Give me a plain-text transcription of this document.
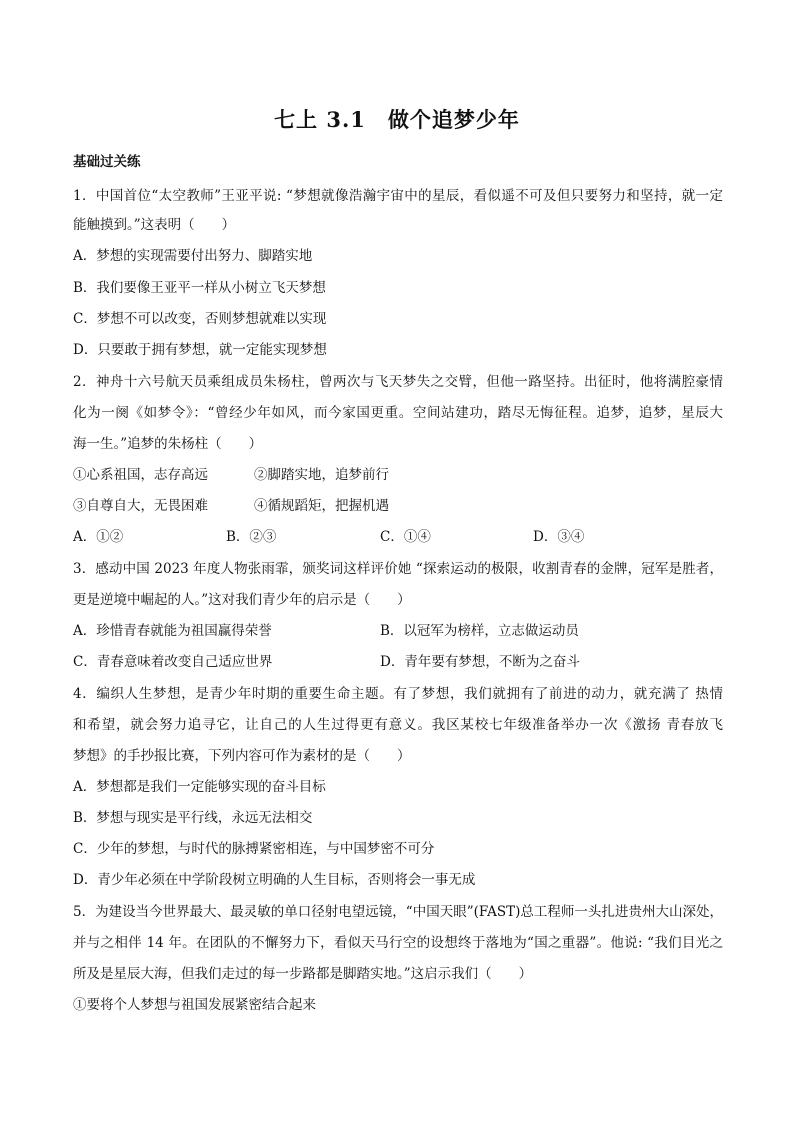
七上 3.1　做个追梦少年
基础过关练
1．中国首位“太空教师”王亚平说: “梦想就像浩瀚宇宙中的星辰，看似遥不可及但只要努力和坚持，就一定
能触摸到。”这表明（　　）
A．梦想的实现需要付出努力、脚踏实地
B．我们要像王亚平一样从小树立飞天梦想
C．梦想不可以改变，否则梦想就难以实现
D．只要敢于拥有梦想，就一定能实现梦想
2．神舟十六号航天员乘组成员朱杨柱，曾两次与飞天梦失之交臂，但他一路坚持。出征时，他将满腔豪情
化为一阕《如梦令》：“曾经少年如风，而今家国更重。空间站建功，踏尽无悔征程。追梦，追梦，星辰大
海一生。”追梦的朱杨柱（　　）
①心系祖国，志存高远	②脚踏实地，追梦前行
③自尊自大，无畏困难	④循规蹈矩，把握机遇
A．①②	B．②③	C．①④	D．③④
3．感动中国 2023 年度人物张雨霏，颁奖词这样评价她 “探索运动的极限，收割青春的金牌，冠军是胜者，
更是逆境中崛起的人。”这对我们青少年的启示是（　　）
A．珍惜青春就能为祖国赢得荣誉	B．以冠军为榜样，立志做运动员
C．青春意味着改变自己适应世界	D．青年要有梦想，不断为之奋斗
4．编织人生梦想，是青少年时期的重要生命主题。有了梦想，我们就拥有了前进的动力，就充满了 热情
和希望，就会努力追寻它，让自己的人生过得更有意义。我区某校七年级准备举办一次《激扬 青春放飞
梦想》的手抄报比赛，下列内容可作为素材的是（　　）
A．梦想都是我们一定能够实现的奋斗目标
B．梦想与现实是平行线，永远无法相交
C．少年的梦想，与时代的脉搏紧密相连，与中国梦密不可分
D．青少年必须在中学阶段树立明确的人生目标，否则将会一事无成
5．为建设当今世界最大、最灵敏的单口径射电望远镜，“中国天眼”(FAST)总工程师一头扎进贵州大山深处，
并与之相伴 14 年。在团队的不懈努力下，看似天马行空的设想终于落地为“国之重器”。他说: “我们目光之
所及是星辰大海，但我们走过的每一步路都是脚踏实地。”这启示我们（　　）
①要将个人梦想与祖国发展紧密结合起来
